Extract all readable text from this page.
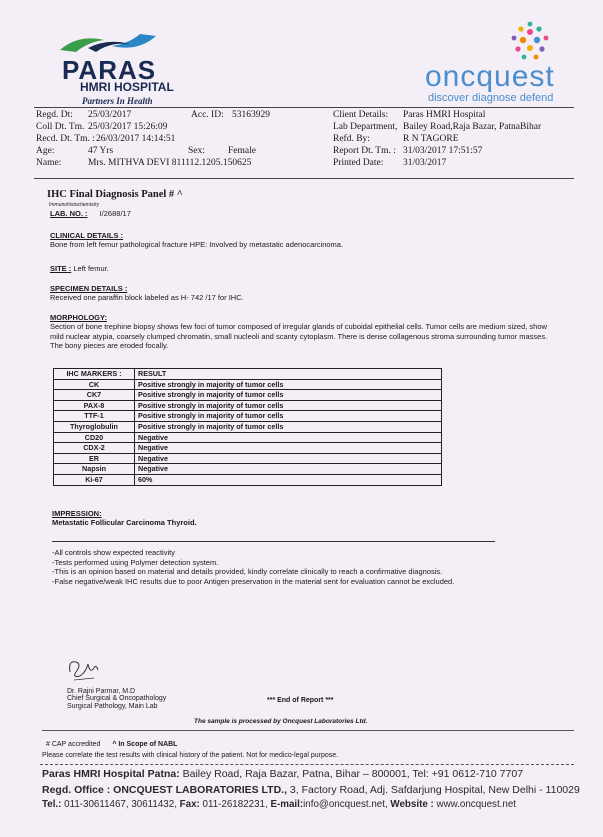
PARAS
HMRI HOSPITAL
Partners In Health
oncquest
discover diagnose defend
Regd. Dt: 25/03/2017	Acc. ID: 53163929
Coll Dt. Tm. 25/03/2017 15:26:09
Recd. Dt. Tm. : 26/03/2017 14:14:51
Age:	47 Yrs	Sex: Female
Name:	Mrs. MITHVA DEVI 811112.1205.150625
Client Details: Paras HMRI Hospital
Lab Department, Bailey Road,Raja Bazar, PatnaBihar
Refd. By:	R N TAGORE
Report Dt. Tm. : 31/03/2017 17:51:57
Printed Date: 31/03/2017
IHC Final Diagnosis Panel # ^
Immunohistochemistry
LAB. NO. : I/2688/17
CLINICAL DETAILS :
Bone from left femur pathological fracture HPE: Involved by metastatic adenocarcinoma.
SITE : Left femur.
SPECIMEN DETAILS :
Received one paraffin block labeled as H- 742 /17 for IHC.
MORPHOLOGY:
Section of bone trephine biopsy shows few foci of tumor composed of irregular glands of cuboidal epithelial cells. Tumor cells are medium sized, show mild nuclear atypia, coarsely clumped chromatin, small nucleoli and scanty cytoplasm. There is dense collagenous stroma surrounding tumor masses. The bony pieces are eroded focally.
IHC MARKERS :	RESULT
CK	Positive strongly in majority of tumor cells
CK7	Positive strongly in majority of tumor cells
PAX-8	Positive strongly in majority of tumor cells
TTF-1	Positive strongly in majority of tumor cells
Thyroglobulin	Positive strongly in majority of tumor cells
CD20	Negative
CDX-2	Negative
ER	Negative
Napsin	Negative
Ki-67	60%
IMPRESSION:
Metastatic Follicular Carcinoma Thyroid.
-All controls show expected reactivity
-Tests performed using Polymer detection system.
-This is an opinion based on material and details provided, kindly correlate clinically to reach a confirmative diagnosis.
-False negative/weak IHC results due to poor Antigen preservation in the material sent for evaluation cannot be excluded.
Dr. Rajni Parmar, M.D
Chief Surgical & Oncopathology
Surgical Pathology, Main Lab
*** End of Report ***
The sample is processed by Oncquest Laboratories Ltd.
# CAP accredited ^ In Scope of NABL
Please correlate the test results with clinical history of the patient. Not for medico-legal purpose.
Paras HMRI Hospital Patna: Bailey Road, Raja Bazar, Patna, Bihar – 800001, Tel: +91 0612-710 7707
Regd. Office : ONCQUEST LABORATORIES LTD., 3, Factory Road, Adj. Safdarjung Hospital, New Delhi - 110029
Tel.: 011-30611467, 30611432, Fax: 011-26182231, E-mail:info@oncquest.net, Website : www.oncquest.net
